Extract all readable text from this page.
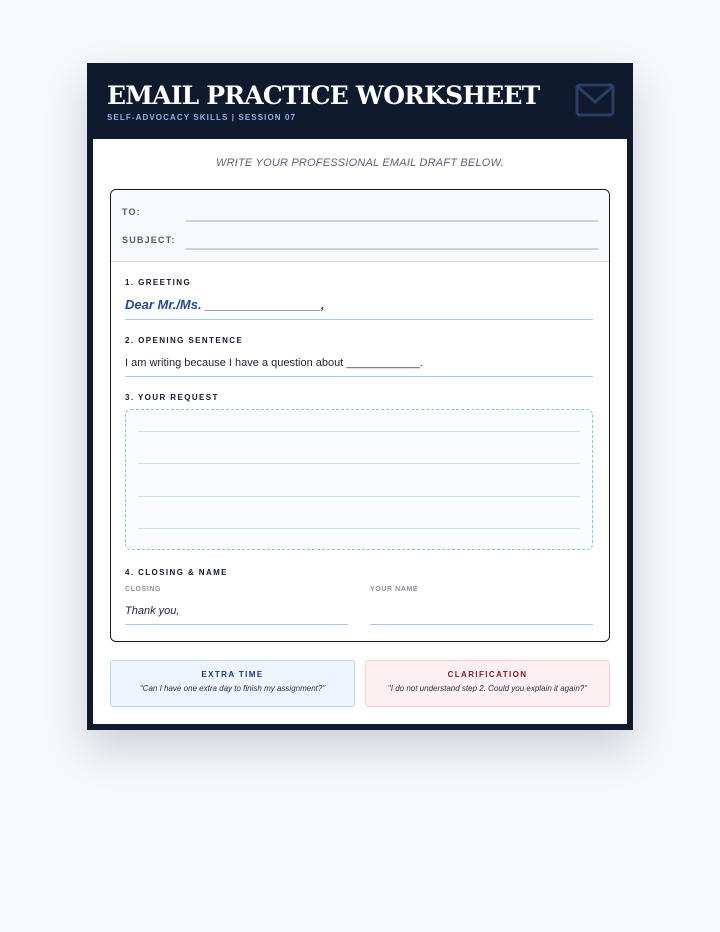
EMAIL PRACTICE WORKSHEET
SELF-ADVOCACY SKILLS | SESSION 07
WRITE YOUR PROFESSIONAL EMAIL DRAFT BELOW.
TO:
SUBJECT:
1. GREETING
Dear Mr./Ms. ________________,
2. OPENING SENTENCE
I am writing because I have a question about ____________.
3. YOUR REQUEST
4. CLOSING & NAME
CLOSING	YOUR NAME
Thank you,
EXTRA TIME
"Can I have one extra day to finish my assignment?"
CLARIFICATION
"I do not understand step 2. Could you explain it again?"
